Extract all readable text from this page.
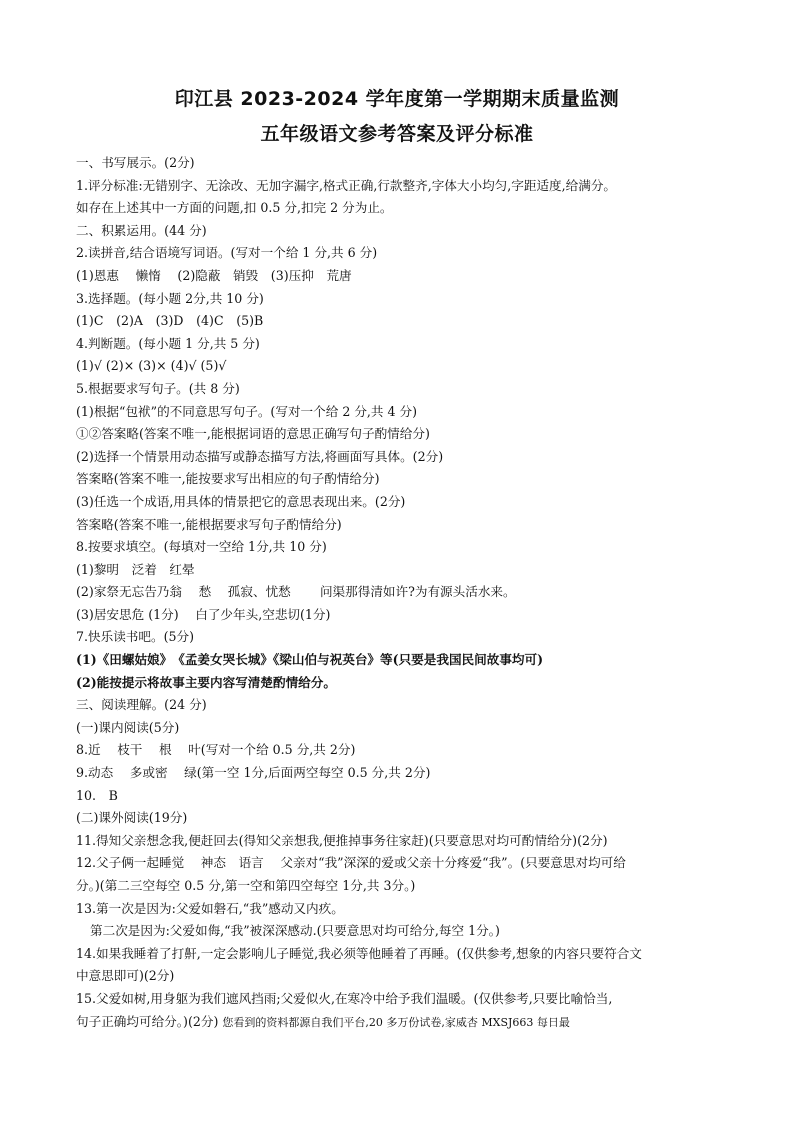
印江县 2023-2024 学年度第一学期期末质量监测
五年级语文参考答案及评分标准
一、书写展示。(2分)
1.评分标准:无错别字、无涂改、无加字漏字,格式正确,行款整齐,字体大小均匀,字距适度,给满分。
如存在上述其中一方面的问题,扣 0.5 分,扣完 2 分为止。
二、积累运用。(44 分)
2.读拼音,结合语境写词语。(写对一个给 1 分,共 6 分)
(1)恩惠　 懒惰　 (2)隐蔽　销毁　(3)压抑　荒唐
3.选择题。(每小题 2分,共 10 分)
(1)C　(2)A　(3)D　(4)C　(5)B
4.判断题。(每小题 1 分,共 5 分)
(1)√ (2)× (3)× (4)√ (5)√
5.根据要求写句子。(共 8 分)
(1)根据“包袱”的不同意思写句子。(写对一个给 2 分,共 4 分)
①②答案略(答案不唯一,能根据词语的意思正确写句子酌情给分)
(2)选择一个情景用动态描写或静态描写方法,将画面写具体。(2分)
答案略(答案不唯一,能按要求写出相应的句子酌情给分)
(3)任选一个成语,用具体的情景把它的意思表现出来。(2分)
答案略(答案不唯一,能根据要求写句子酌情给分)
8.按要求填空。(每填对一空给 1分,共 10 分)
(1)黎明　泛着　红晕
(2)家祭无忘告乃翁　 愁　 孤寂、忧愁　　 问渠那得清如许?为有源头活水来。
(3)居安思危 (1分)　 白了少年头,空悲切(1分)
7.快乐读书吧。(5分)
(1)《田螺姑娘》　《孟姜女哭长城》《梁山伯与祝英台》等(只要是我国民间故事均可)
(2)能按提示将故事主要内容写清楚酌情给分。
三、阅读理解。(24 分)
(一)课内阅读(5分)
8.近　 枝干　 根　 叶(写对一个给 0.5 分,共 2分)
9.动态　 多或密　 绿(第一空 1分,后面两空每空 0.5 分,共 2分)
10.　B
(二)课外阅读(19分)
11.得知父亲想念我,便赶回去(得知父亲想我,便推掉事务往家赶)(只要意思对均可酌情给分)(2分)
12.父子俩一起睡觉　 神态　语言　 父亲对“我”深深的爱或父亲十分疼爱“我”。(只要意思对均可给
分。)(第二三空每空 0.5 分,第一空和第四空每空 1分,共 3分。)
13.第一次是因为:父爱如磐石,“我”感动又内疚。
第二次是因为:父爱如侮,“我”被深深感动.(只要意思对均可给分,每空 1分。)
14.如果我睡着了打鼾,一定会影响儿子睡觉,我必须等他睡着了再睡。(仅供参考,想象的内容只要符合文
中意思即可)(2分)
15.父爱如树,用身躯为我们遮风挡雨;父爱似火,在寒冷中给予我们温暖。(仅供参考,只要比喻恰当,
句子正确均可给分。)(2分) 您看到的资料都源自我们平台,20 多万份试卷,家威杏 MXSJ663 每日最
